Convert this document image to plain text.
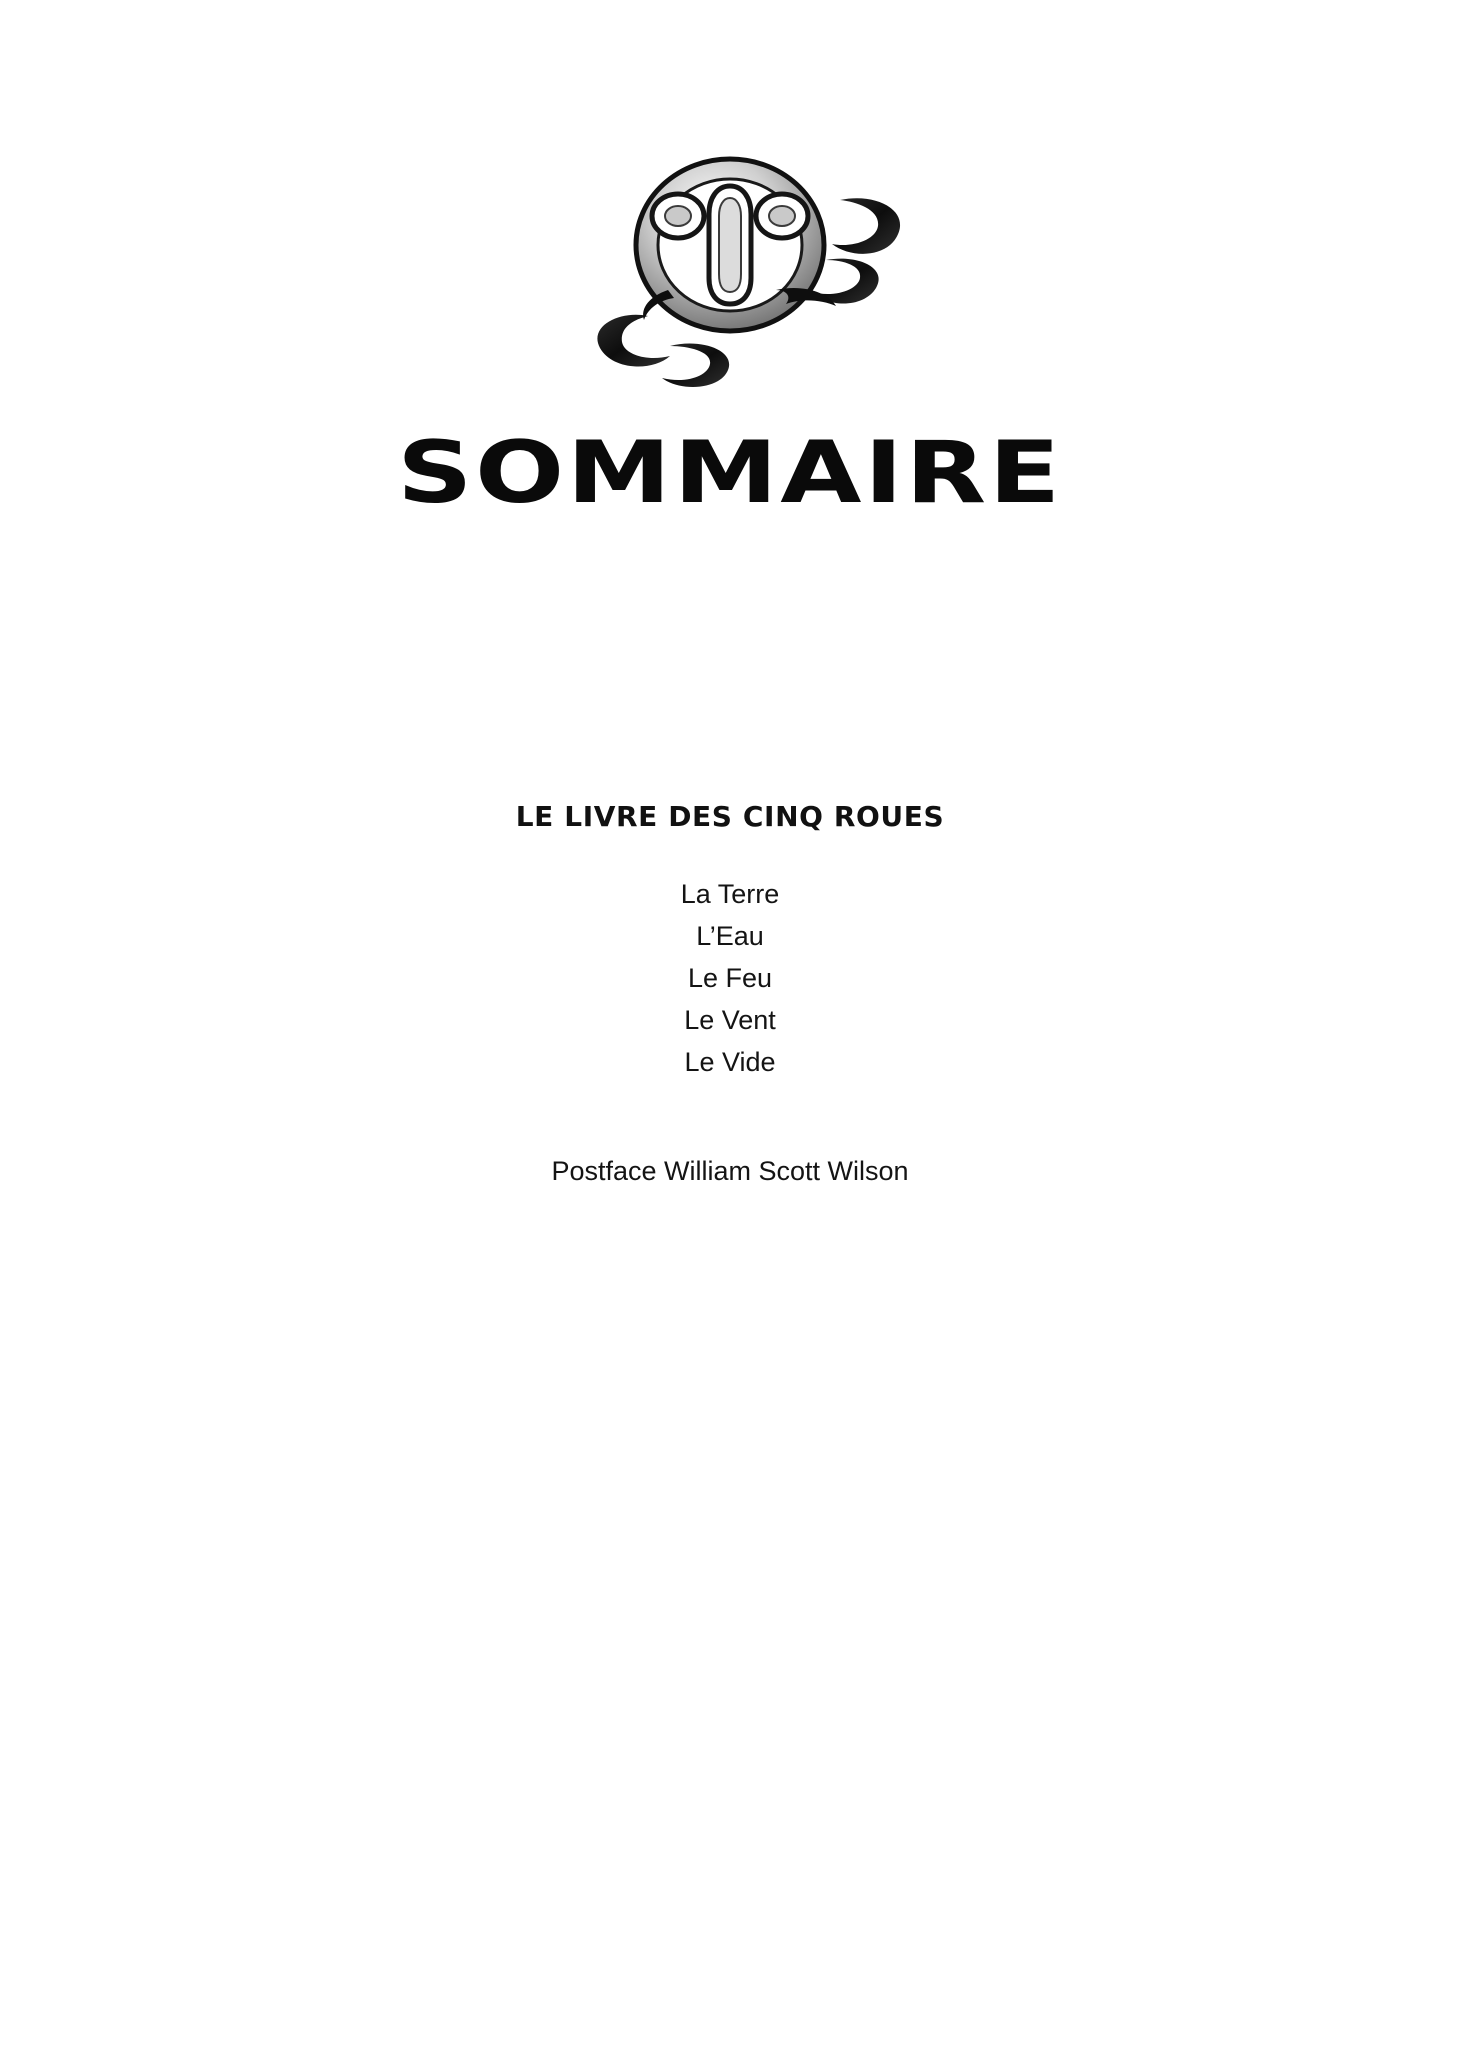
SOMMAIRE
LE LIVRE DES CINQ ROUES
La Terre
L’Eau
Le Feu
Le Vent
Le Vide
Postface William Scott Wilson
